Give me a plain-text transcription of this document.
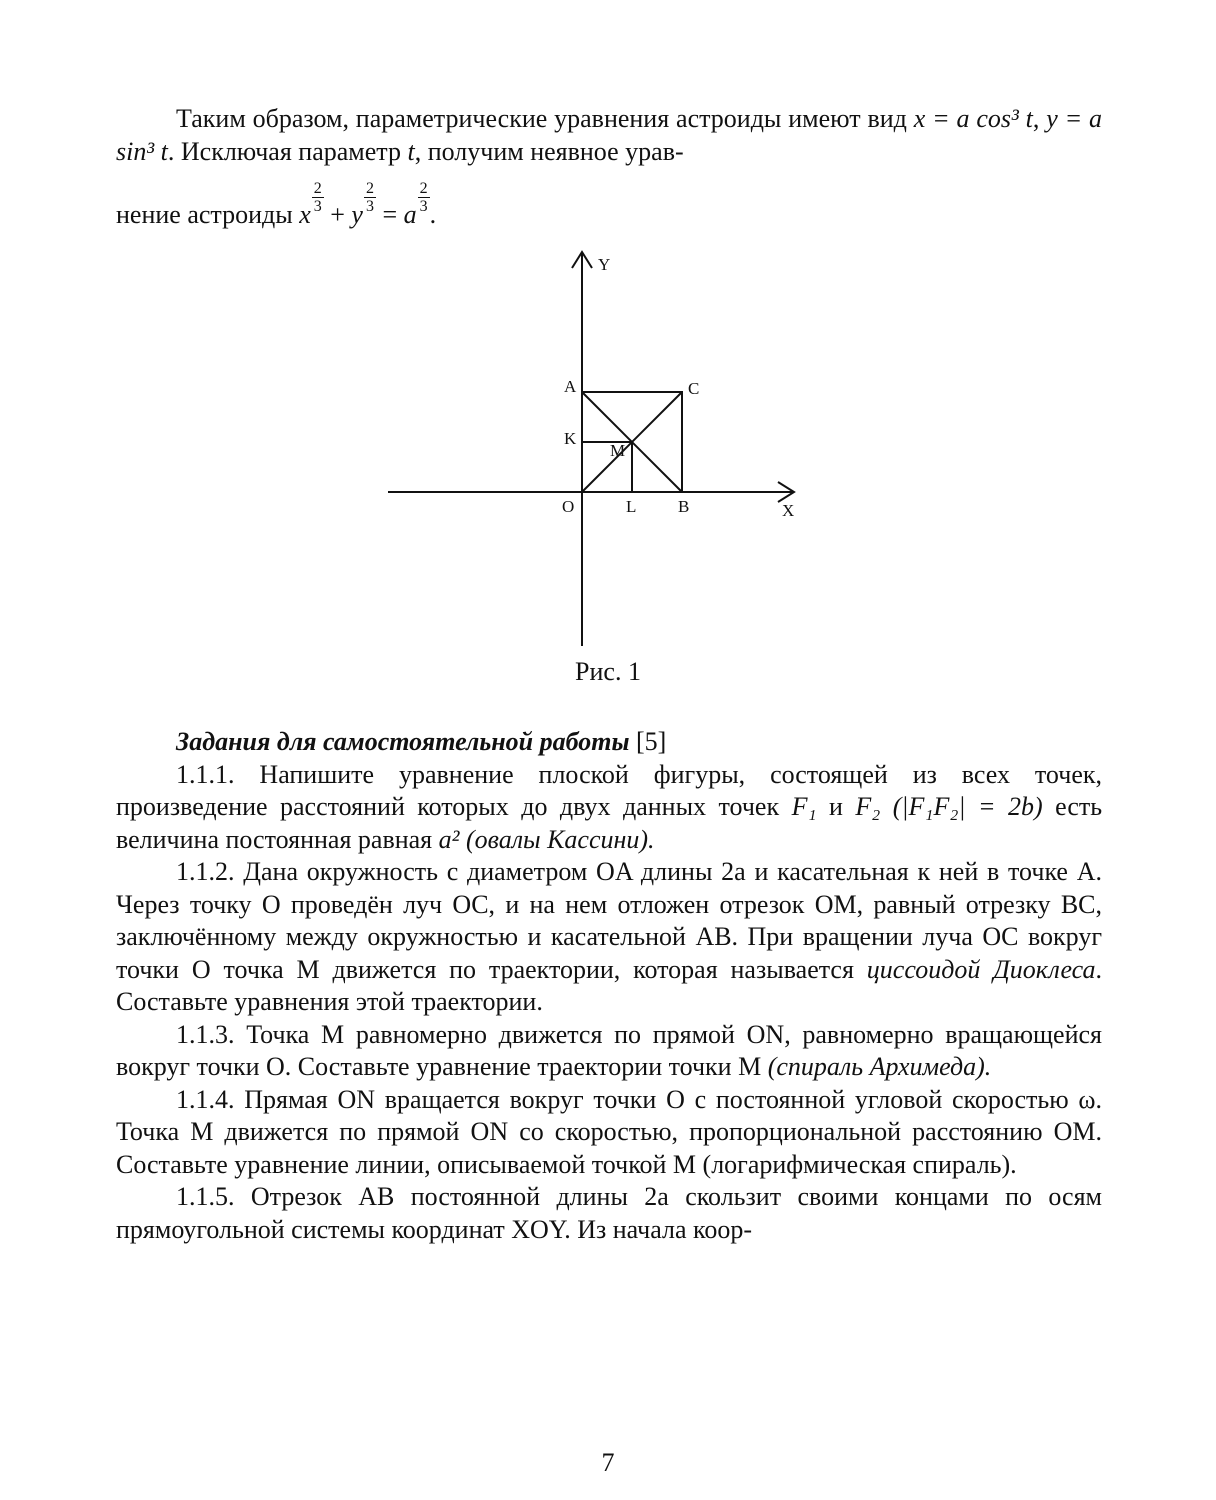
Таким образом, параметрические уравнения астроиды имеют вид x = a cos³ t, y = a sin³ t. Исключая параметр t, получим неявное урав-

нение астроиды x $\frac{2}{3} + y \frac{2}{3} = a \frac{2}{3}$ .
Y
X
O
A	C
K
M
L B
Рис. 1

Задания для самостоятельной работы [5]

1.1.1. Напишите уравнение плоской фигуры, состоящей из всех точек, произведение расстояний которых до двух данных точек F₁ и F₂ (|F₁F₂| = 2b) есть величина постоянная равная a² (овалы Кассини).

1.1.2. Дана окружность с диаметром OA длины 2a и касательная к ней в точке A. Через точку O проведён луч OC, и на нем отложен отрезок OM, равный отрезку BC, заключённому между окружностью и касательной AB. При вращении луча OC вокруг точки O точка M движется по траектории, которая называется циссоидой Диоклеса. Составьте уравнения этой траектории.

1.1.3. Точка M равномерно движется по прямой ON, равномерно вращающейся вокруг точки O. Составьте уравнение траектории точки M (спираль Архимеда).

1.1.4. Прямая ON вращается вокруг точки O с постоянной угловой скоростью ω. Точка M движется по прямой ON со скоростью, пропорциональной расстоянию OM. Составьте уравнение линии, описываемой точкой M (логарифмическая спираль).

1.1.5. Отрезок AB постоянной длины 2a скользит своими концами по осям прямоугольной системы координат XOY. Из начала коор-

7
